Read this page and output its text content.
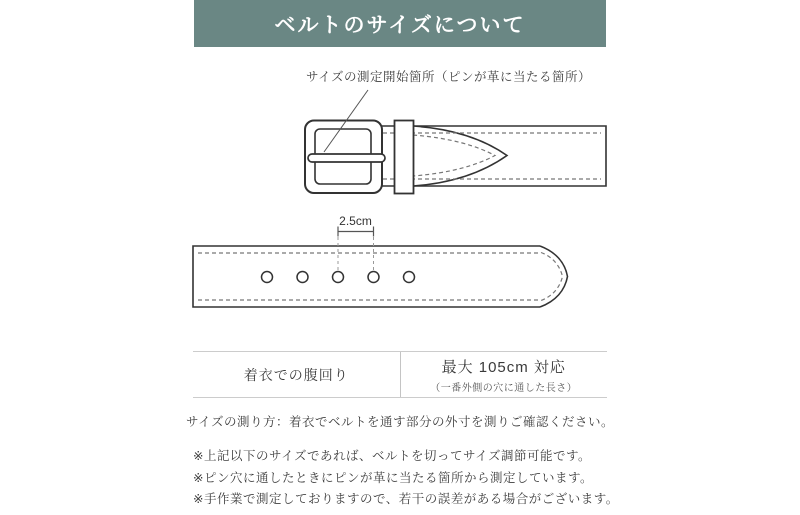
ベルトのサイズについて
サイズの測定開始箇所（ピンが革に当たる箇所）
2.5cm
着衣での腹回り	最大 105cm 対応
（一番外側の穴に通した長さ）
サイズの測り方：着衣でベルトを通す部分の外寸を測りご確認ください。
※上記以下のサイズであれば、ベルトを切ってサイズ調節可能です。
※ピン穴に通したときにピンが革に当たる箇所から測定しています。
※手作業で測定しておりますので、若干の誤差がある場合がございます。
